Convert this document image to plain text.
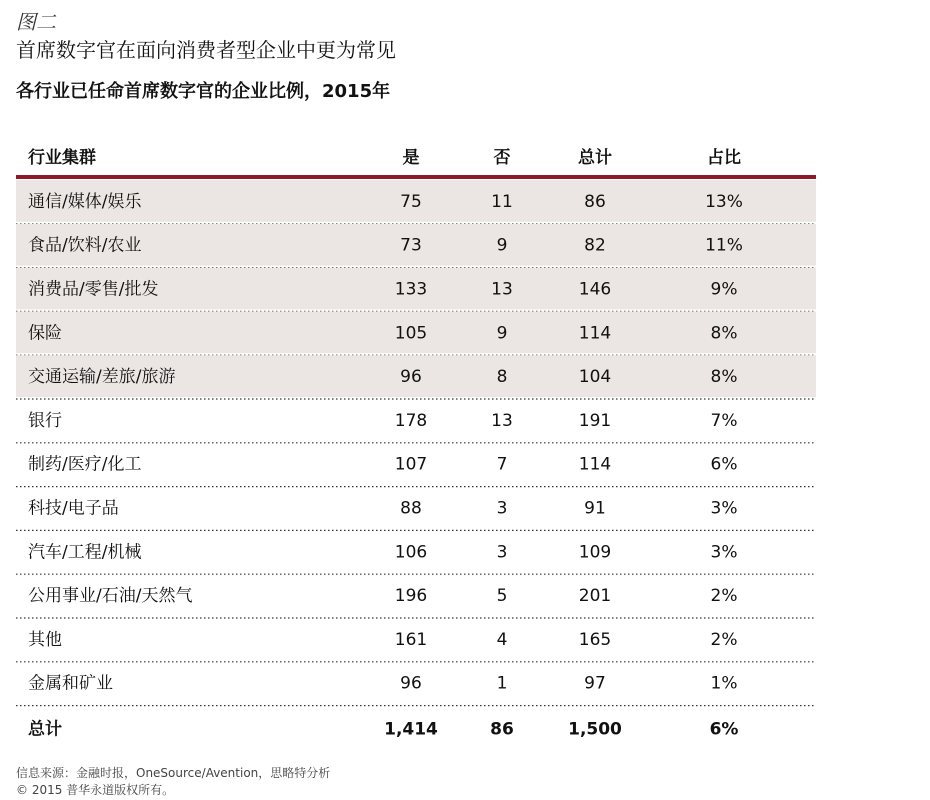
图二
首席数字官在面向消费者型企业中更为常见
各行业已任命首席数字官的企业比例，2015年
行业集群	是	否	总计	占比
通信/媒体/娱乐	75	11	86	13%
食品/饮料/农业	73	9	82	11%
消费品/零售/批发	133	13	146	9%
保险	105	9	114	8%
交通运输/差旅/旅游	96	8	104	8%
银行	178	13	191	7%
制药/医疗/化工	107	7	114	6%
科技/电子品	88	3	91	3%
汽车/工程/机械	106	3	109	3%
公用事业/石油/天然气	196	5	201	2%
其他	161	4	165	2%
金属和矿业	96	1	97	1%
总计	1,414	86	1,500	6%
信息来源：金融时报，OneSource/Avention，思略特分析
© 2015 普华永道版权所有。
